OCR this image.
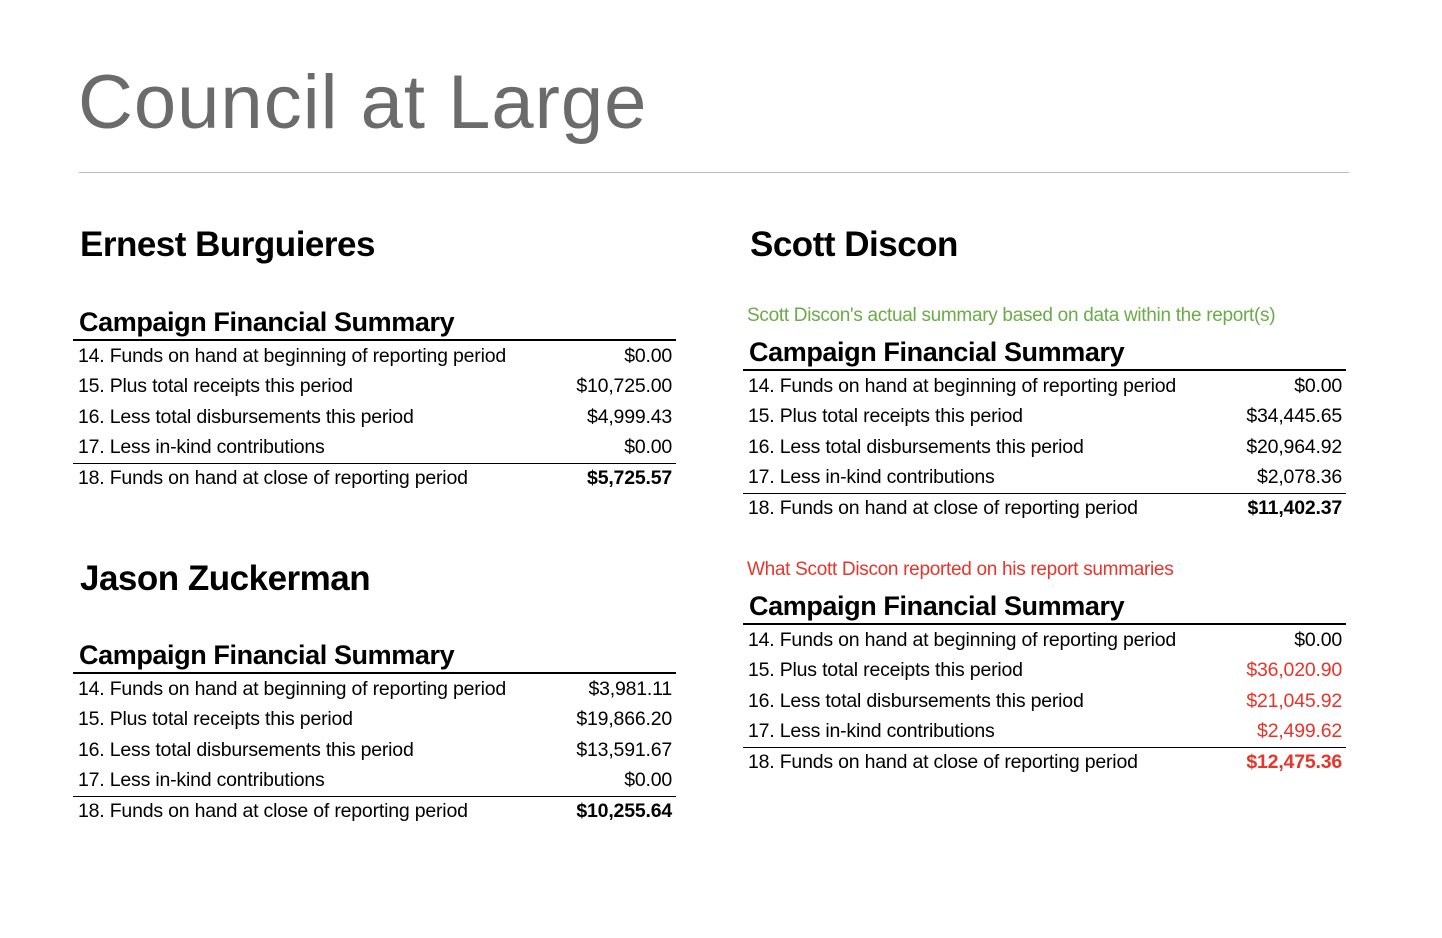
Council at Large
Ernest Burguieres
Campaign Financial Summary
14. Funds on hand at beginning of reporting period	$0.00
15. Plus total receipts this period	$10,725.00
16. Less total disbursements this period	$4,999.43
17. Less in-kind contributions	$0.00
18. Funds on hand at close of reporting period	$5,725.57
Jason Zuckerman
Campaign Financial Summary
14. Funds on hand at beginning of reporting period	$3,981.11
15. Plus total receipts this period	$19,866.20
16. Less total disbursements this period	$13,591.67
17. Less in-kind contributions	$0.00
18. Funds on hand at close of reporting period	$10,255.64
Scott Discon
Scott Discon's actual summary based on data within the report(s)
Campaign Financial Summary
14. Funds on hand at beginning of reporting period	$0.00
15. Plus total receipts this period	$34,445.65
16. Less total disbursements this period	$20,964.92
17. Less in-kind contributions	$2,078.36
18. Funds on hand at close of reporting period	$11,402.37
What Scott Discon reported on his report summaries
Campaign Financial Summary
14. Funds on hand at beginning of reporting period	$0.00
15. Plus total receipts this period	$36,020.90
16. Less total disbursements this period	$21,045.92
17. Less in-kind contributions	$2,499.62
18. Funds on hand at close of reporting period	$12,475.36
